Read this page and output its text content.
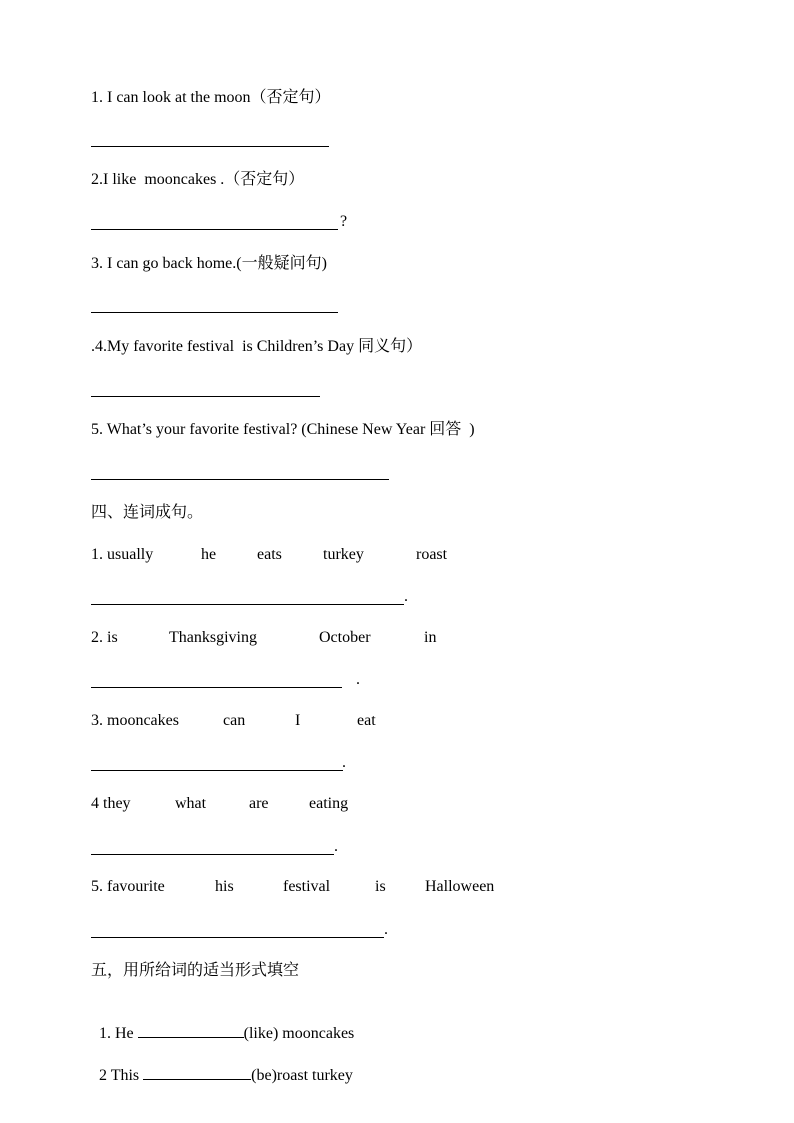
1. I can look at the moon（否定句）
2.I like  mooncakes .（否定句）
?
3. I can go back home.(一般疑问句)
.4.My favorite festival  is Children’s Day 同义句）
5. What’s your favorite festival? (Chinese New Year 回答  )
四、连词成句。
1. usually	he	eats	turkey	roast
.
2. is	Thanksgiving	October	in
.
3. mooncakes	can	I	eat
.
4 they	what	are	eating
.
5. favourite	his	festival	is Halloween
.
五，用所给词的适当形式填空

1. He	(like) mooncakes

2 This	(be)roast turkey
